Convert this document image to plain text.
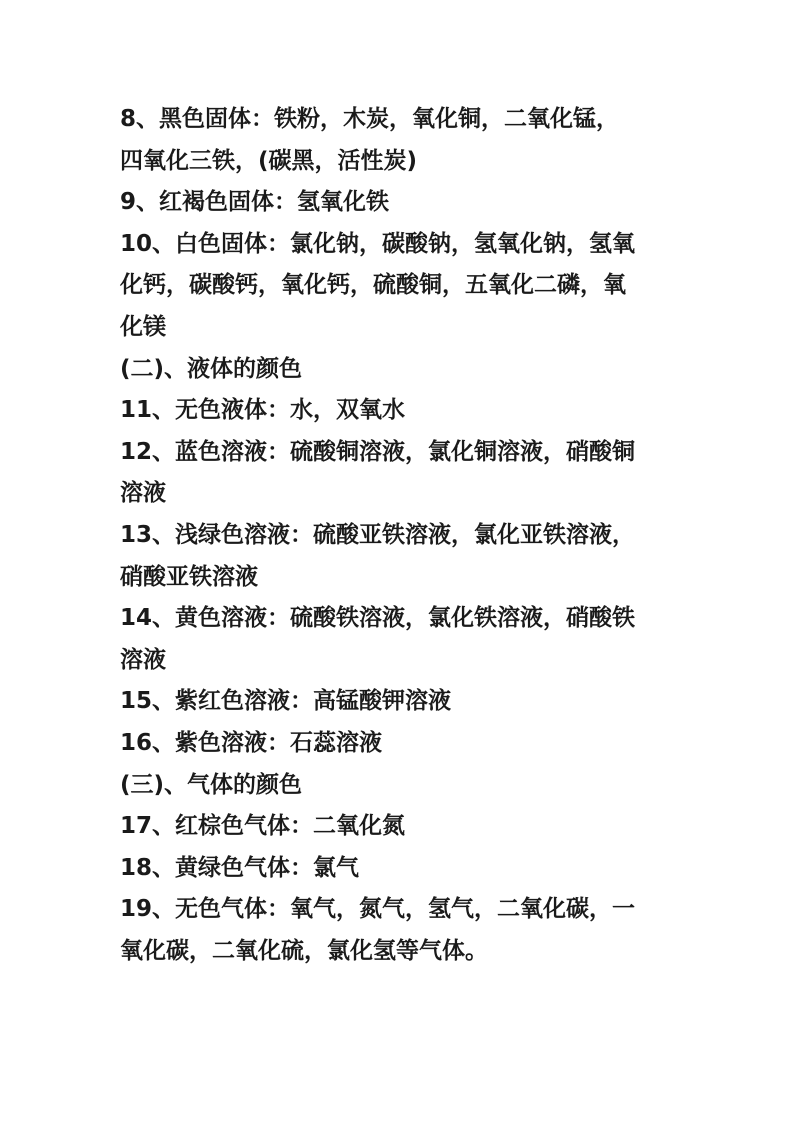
8、黑色固体：铁粉，木炭，氧化铜，二氧化锰，
四氧化三铁，(碳黑，活性炭)
9、红褐色固体：氢氧化铁
10、白色固体：氯化钠，碳酸钠，氢氧化钠，氢氧
化钙，碳酸钙，氧化钙，硫酸铜，五氧化二磷，氧
化镁
(二)、液体的颜色
11、无色液体：水，双氧水
12、蓝色溶液：硫酸铜溶液，氯化铜溶液，硝酸铜
溶液
13、浅绿色溶液：硫酸亚铁溶液，氯化亚铁溶液，
硝酸亚铁溶液
14、黄色溶液：硫酸铁溶液，氯化铁溶液，硝酸铁
溶液
15、紫红色溶液：高锰酸钾溶液
16、紫色溶液：石蕊溶液
(三)、气体的颜色
17、红棕色气体：二氧化氮
18、黄绿色气体：氯气
19、无色气体：氧气，氮气，氢气，二氧化碳，一
氧化碳，二氧化硫，氯化氢等气体。
